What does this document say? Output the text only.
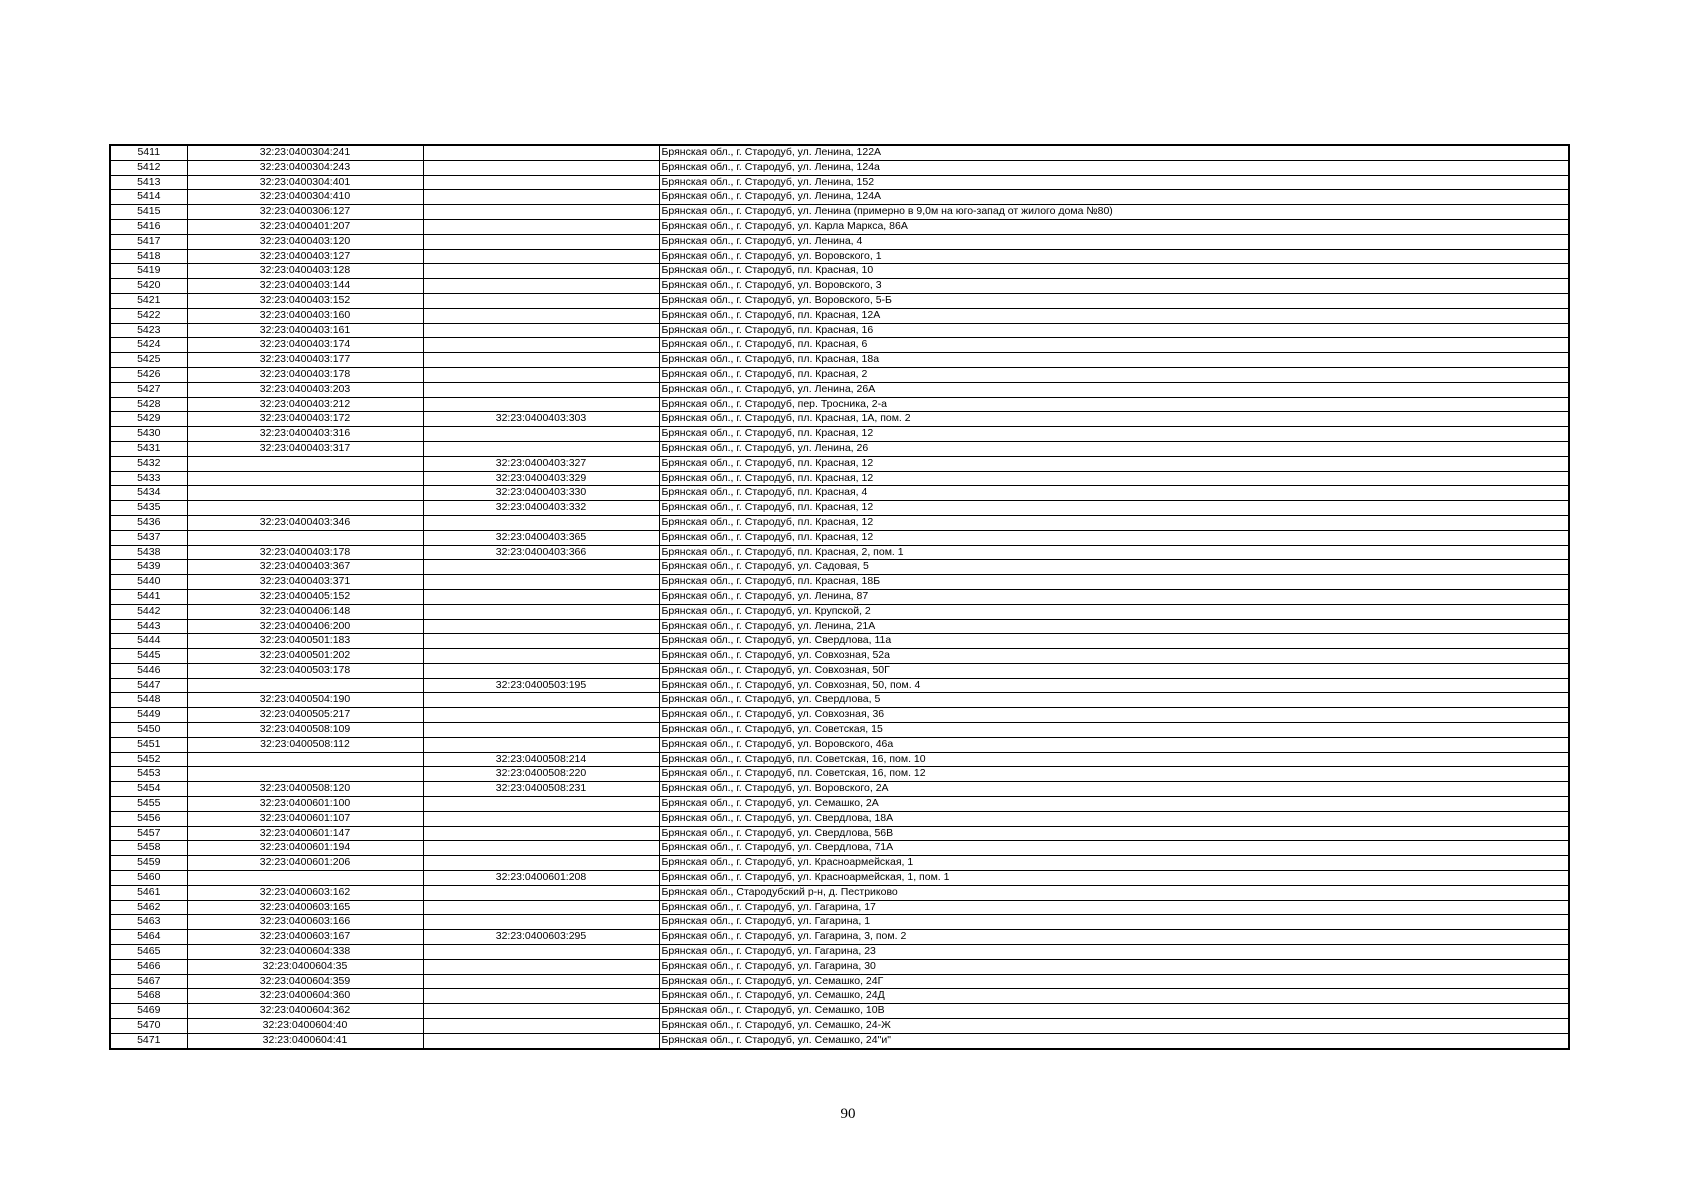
5411	32:23:0400304:241		Брянская обл., г. Стародуб, ул. Ленина, 122А
5412	32:23:0400304:243		Брянская обл., г. Стародуб, ул. Ленина, 124а
5413	32:23:0400304:401		Брянская обл., г. Стародуб, ул. Ленина, 152
5414	32:23:0400304:410		Брянская обл., г. Стародуб, ул. Ленина, 124А
5415	32:23:0400306:127		Брянская обл., г. Стародуб, ул. Ленина (примерно в 9,0м на юго-запад от жилого дома №80)
5416	32:23:0400401:207		Брянская обл., г. Стародуб, ул. Карла Маркса, 86А
5417	32:23:0400403:120		Брянская обл., г. Стародуб, ул. Ленина, 4
5418	32:23:0400403:127		Брянская обл., г. Стародуб, ул. Воровского, 1
5419	32:23:0400403:128		Брянская обл., г. Стародуб, пл. Красная, 10
5420	32:23:0400403:144		Брянская обл., г. Стародуб, ул. Воровского, 3
5421	32:23:0400403:152		Брянская обл., г. Стародуб, ул. Воровского, 5-Б
5422	32:23:0400403:160		Брянская обл., г. Стародуб, пл. Красная, 12А
5423	32:23:0400403:161		Брянская обл., г. Стародуб, пл. Красная, 16
5424	32:23:0400403:174		Брянская обл., г. Стародуб, пл. Красная, 6
5425	32:23:0400403:177		Брянская обл., г. Стародуб, пл. Красная, 18а
5426	32:23:0400403:178		Брянская обл., г. Стародуб, пл. Красная, 2
5427	32:23:0400403:203		Брянская обл., г. Стародуб, ул. Ленина, 26А
5428	32:23:0400403:212		Брянская обл., г. Стародуб, пер. Тросника, 2-а
5429	32:23:0400403:172	32:23:0400403:303	Брянская обл., г. Стародуб, пл. Красная, 1А, пом. 2
5430	32:23:0400403:316		Брянская обл., г. Стародуб, пл. Красная, 12
5431	32:23:0400403:317		Брянская обл., г. Стародуб, ул. Ленина, 26
5432		32:23:0400403:327	Брянская обл., г. Стародуб, пл. Красная, 12
5433		32:23:0400403:329	Брянская обл., г. Стародуб, пл. Красная, 12
5434		32:23:0400403:330	Брянская обл., г. Стародуб, пл. Красная, 4
5435		32:23:0400403:332	Брянская обл., г. Стародуб, пл. Красная, 12
5436	32:23:0400403:346		Брянская обл., г. Стародуб, пл. Красная, 12
5437		32:23:0400403:365	Брянская обл., г. Стародуб, пл. Красная, 12
5438	32:23:0400403:178	32:23:0400403:366	Брянская обл., г. Стародуб, пл. Красная, 2, пом. 1
5439	32:23:0400403:367		Брянская обл., г. Стародуб, ул. Садовая, 5
5440	32:23:0400403:371		Брянская обл., г. Стародуб, пл. Красная, 18Б
5441	32:23:0400405:152		Брянская обл., г. Стародуб, ул. Ленина, 87
5442	32:23:0400406:148		Брянская обл., г. Стародуб, ул. Крупской, 2
5443	32:23:0400406:200		Брянская обл., г. Стародуб, ул. Ленина, 21А
5444	32:23:0400501:183		Брянская обл., г. Стародуб, ул. Свердлова, 11а
5445	32:23:0400501:202		Брянская обл., г. Стародуб, ул. Совхозная, 52а
5446	32:23:0400503:178		Брянская обл., г. Стародуб, ул. Совхозная, 50Г
5447		32:23:0400503:195	Брянская обл., г. Стародуб, ул. Совхозная, 50, пом. 4
5448	32:23:0400504:190		Брянская обл., г. Стародуб, ул. Свердлова, 5
5449	32:23:0400505:217		Брянская обл., г. Стародуб, ул. Совхозная, 36
5450	32:23:0400508:109		Брянская обл., г. Стародуб, ул. Советская, 15
5451	32:23:0400508:112		Брянская обл., г. Стародуб, ул. Воровского, 46а
5452		32:23:0400508:214	Брянская обл., г. Стародуб, пл. Советская, 16, пом. 10
5453		32:23:0400508:220	Брянская обл., г. Стародуб, пл. Советская, 16, пом. 12
5454	32:23:0400508:120	32:23:0400508:231	Брянская обл., г. Стародуб, ул. Воровского, 2А
5455	32:23:0400601:100		Брянская обл., г. Стародуб, ул. Семашко, 2А
5456	32:23:0400601:107		Брянская обл., г. Стародуб, ул. Свердлова, 18А
5457	32:23:0400601:147		Брянская обл., г. Стародуб, ул. Свердлова, 56В
5458	32:23:0400601:194		Брянская обл., г. Стародуб, ул. Свердлова, 71А
5459	32:23:0400601:206		Брянская обл., г. Стародуб, ул. Красноармейская, 1
5460		32:23:0400601:208	Брянская обл., г. Стародуб, ул. Красноармейская, 1, пом. 1
5461	32:23:0400603:162		Брянская обл., Стародубский р-н, д. Пестриково
5462	32:23:0400603:165		Брянская обл., г. Стародуб, ул. Гагарина, 17
5463	32:23:0400603:166		Брянская обл., г. Стародуб, ул. Гагарина, 1
5464	32:23:0400603:167	32:23:0400603:295	Брянская обл., г. Стародуб, ул. Гагарина, 3, пом. 2
5465	32:23:0400604:338		Брянская обл., г. Стародуб, ул. Гагарина, 23
5466	32:23:0400604:35		Брянская обл., г. Стародуб, ул. Гагарина, 30
5467	32:23:0400604:359		Брянская обл., г. Стародуб, ул. Семашко, 24Г
5468	32:23:0400604:360		Брянская обл., г. Стародуб, ул. Семашко, 24Д
5469	32:23:0400604:362		Брянская обл., г. Стародуб, ул. Семашко, 10В
5470	32:23:0400604:40		Брянская обл., г. Стародуб, ул. Семашко, 24-Ж
5471	32:23:0400604:41		Брянская обл., г. Стародуб, ул. Семашко, 24"и"
90
